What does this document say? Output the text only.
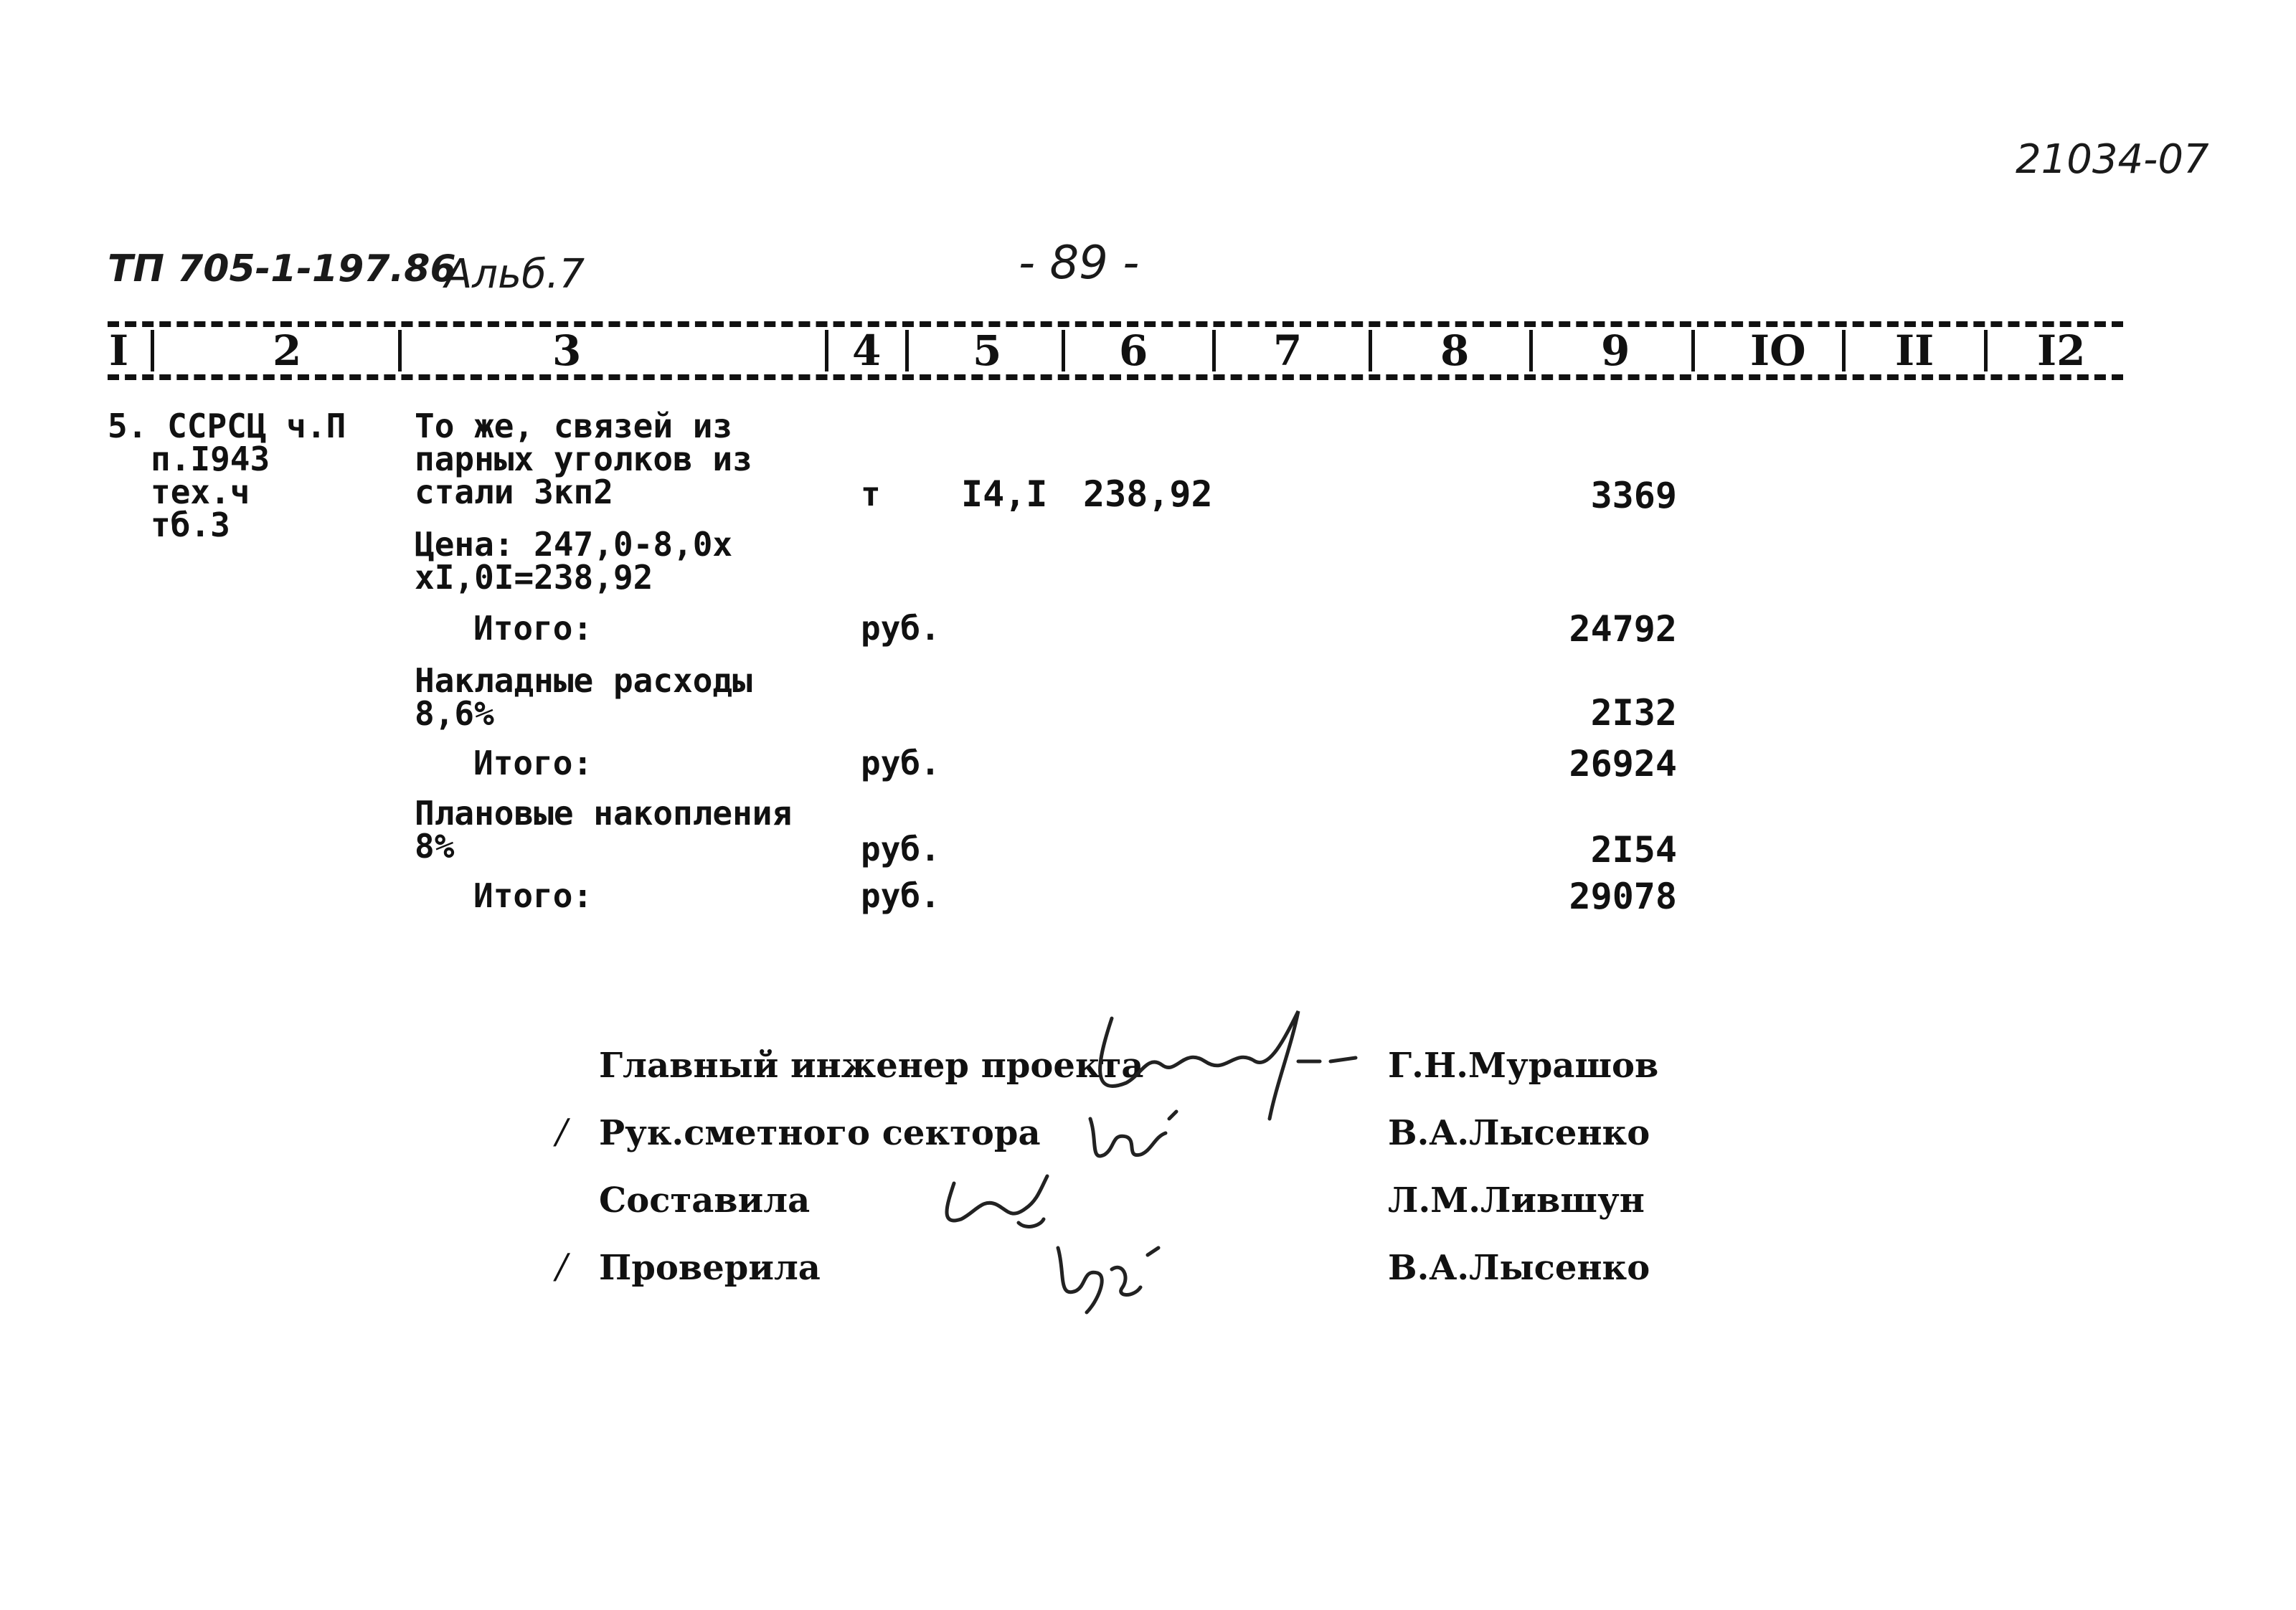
21034-07
ТП 705-1-197.86
Альб.7	- 89 -
I	2	3	4 5	6	7	8	9	IO II I2
5. ССРСЦ ч.П
п.I943
тех.ч
тб.3
То же, связей из
парных уголков из
стали 3кп2	т I4,I 238,92	3369
Цена: 247,0-8,0х
хI,0I=238,92
Итого:	руб.	24792
Накладные расходы
8,6%	2I32
Итого:	руб.	26924
Плановые накопления
8%	руб.	2I54
Итого:	руб.	29078
Главный инженер проекта	Г.Н.Мурашов
/ Рук.сметного сектора	В.А.Лысенко
Составила	Л.М.Лившун
/ Проверила	В.А.Лысенко
